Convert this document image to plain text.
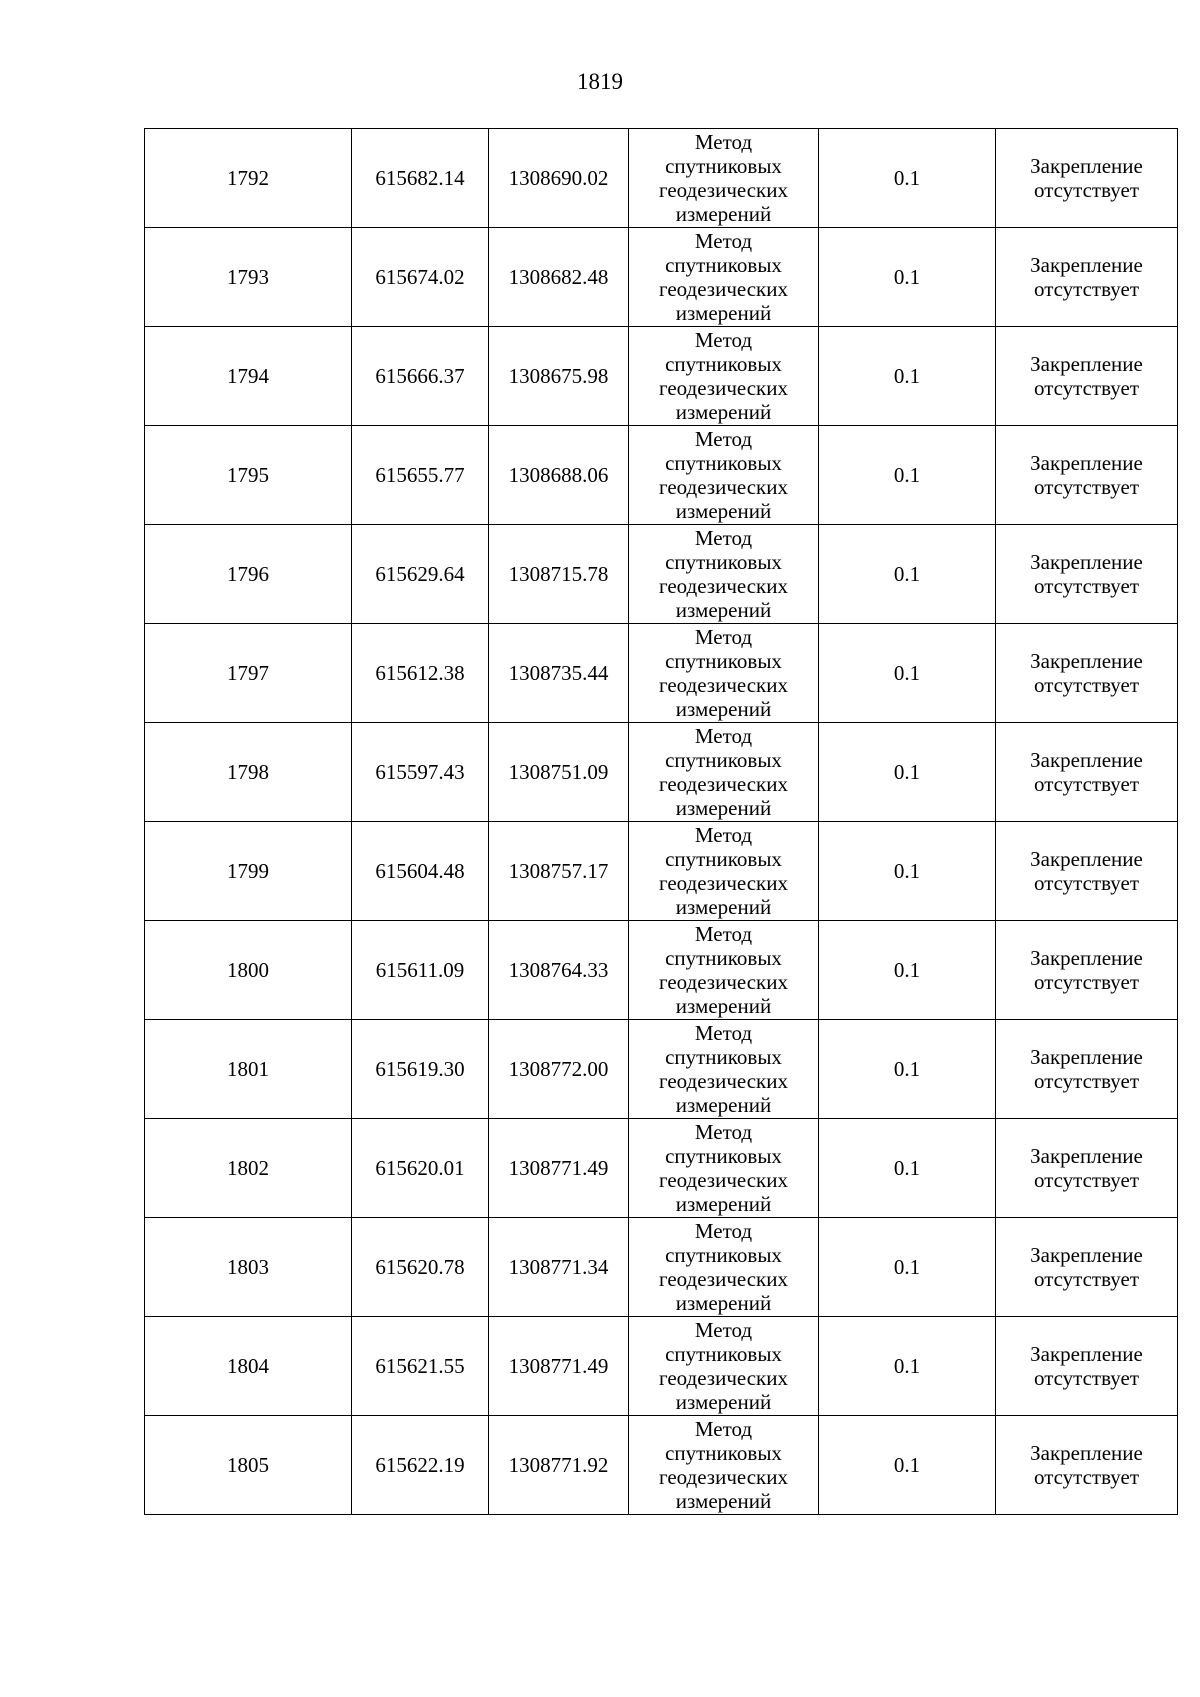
1819
1792	615682.14	1308690.02	Метод
спутниковых
геодезических
измерений	0.1	Закрепление
отсутствует

1793	615674.02	1308682.48	Метод
спутниковых
геодезических
измерений	0.1	Закрепление
отсутствует

1794	615666.37	1308675.98	Метод
спутниковых
геодезических
измерений	0.1	Закрепление
отсутствует

1795	615655.77	1308688.06	Метод
спутниковых
геодезических
измерений	0.1	Закрепление
отсутствует

1796	615629.64	1308715.78	Метод
спутниковых
геодезических
измерений	0.1	Закрепление
отсутствует

1797	615612.38	1308735.44	Метод
спутниковых
геодезических
измерений	0.1	Закрепление
отсутствует

1798	615597.43	1308751.09	Метод
спутниковых
геодезических
измерений	0.1	Закрепление
отсутствует

1799	615604.48	1308757.17	Метод
спутниковых
геодезических
измерений	0.1	Закрепление
отсутствует

1800	615611.09	1308764.33	Метод
спутниковых
геодезических
измерений	0.1	Закрепление
отсутствует

1801	615619.30	1308772.00	Метод
спутниковых
геодезических
измерений	0.1	Закрепление
отсутствует

1802	615620.01	1308771.49	Метод
спутниковых
геодезических
измерений	0.1	Закрепление
отсутствует

1803	615620.78	1308771.34	Метод
спутниковых
геодезических
измерений	0.1	Закрепление
отсутствует

1804	615621.55	1308771.49	Метод
спутниковых
геодезических
измерений	0.1	Закрепление
отсутствует

1805	615622.19	1308771.92	Метод
спутниковых
геодезических
измерений	0.1	Закрепление
отсутствует
